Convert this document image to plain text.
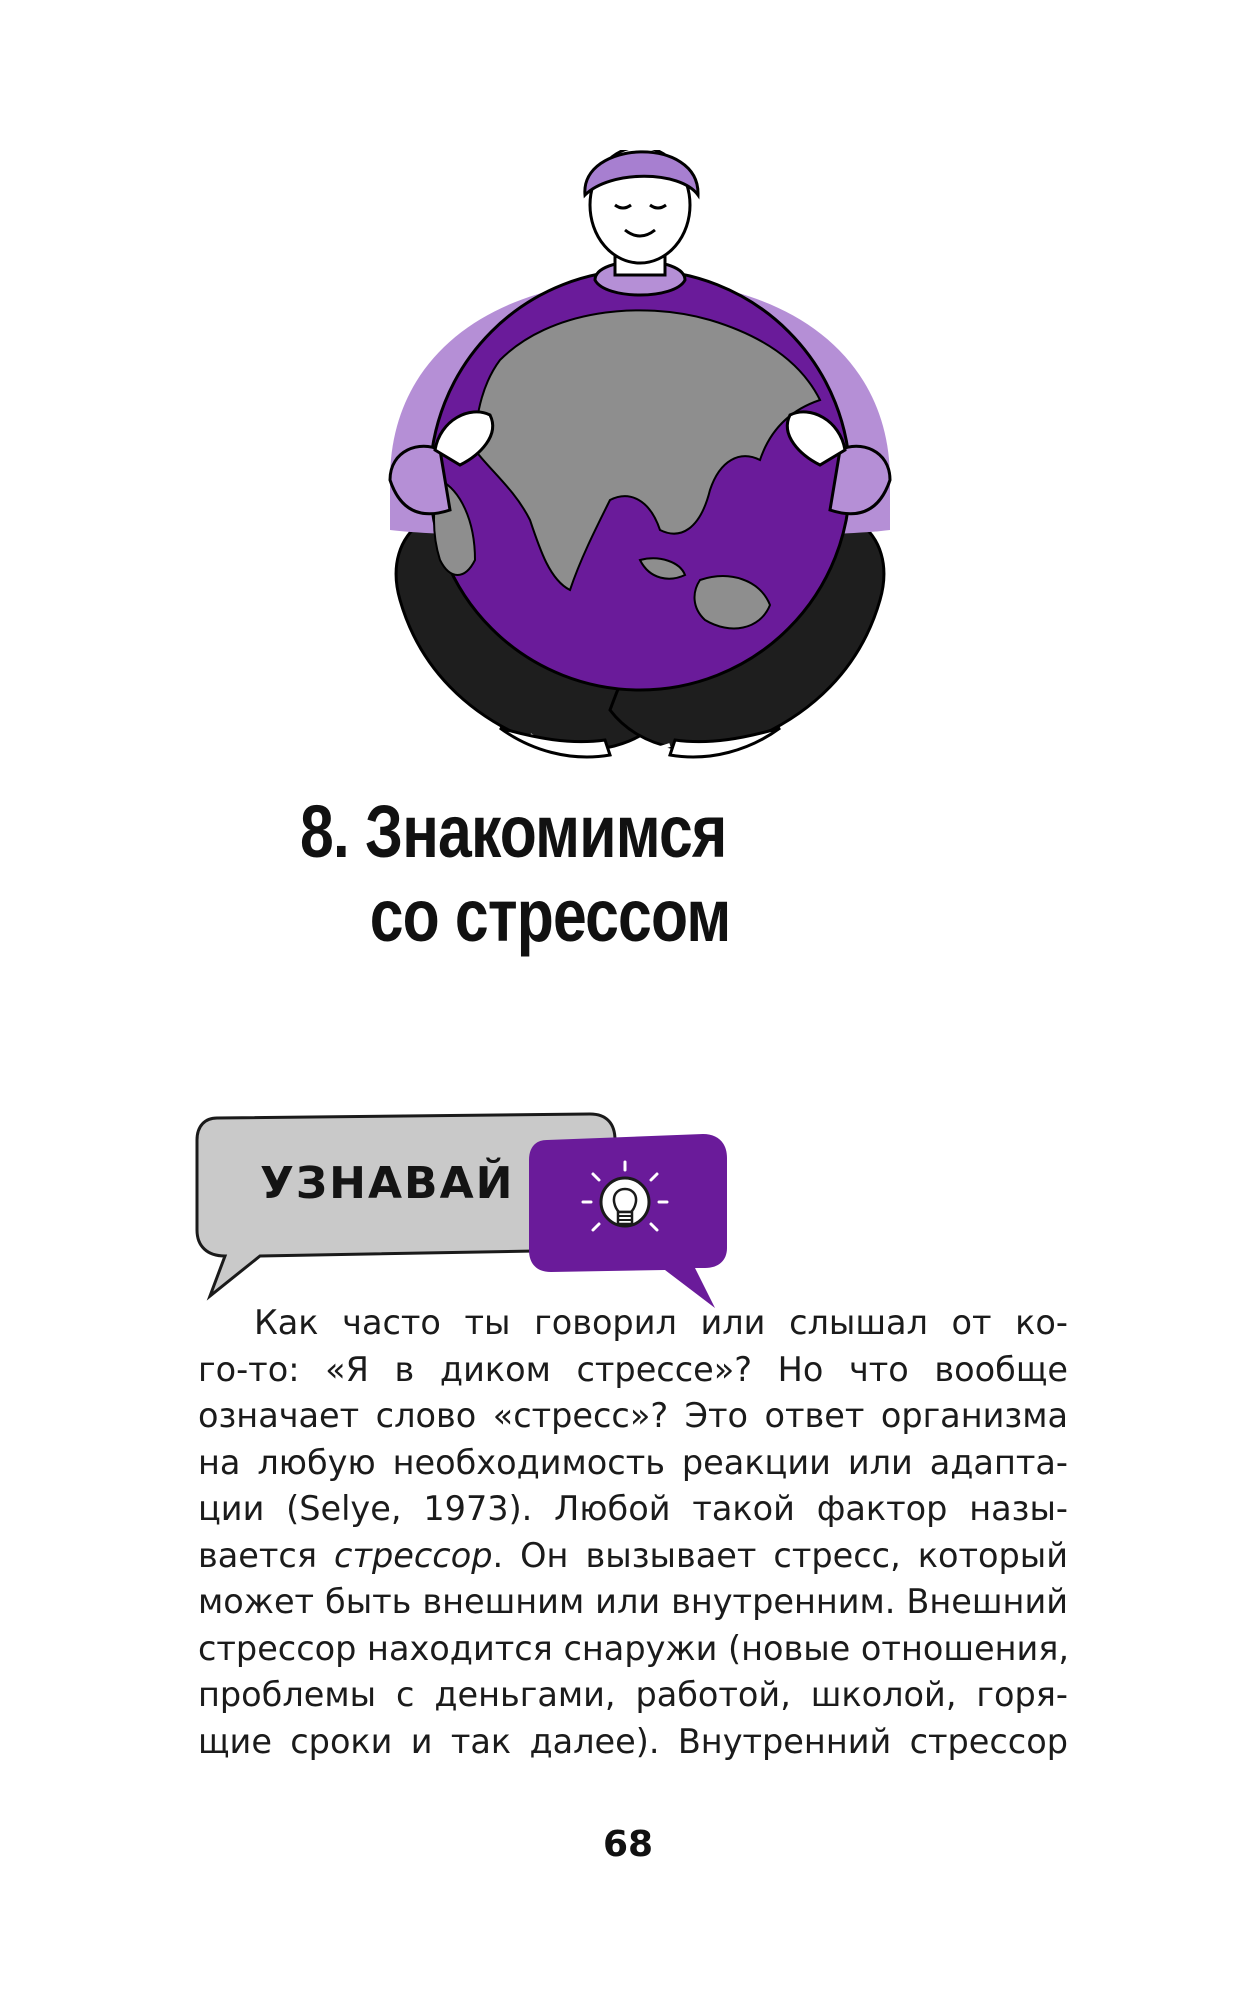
8. Знакомимся
со стрессом
УЗНАВАЙ
Как часто ты говорил или слышал от ко-
го-то: «Я в диком стрессе»? Но что вообще
означает слово «стресс»? Это ответ организма
на любую необходимость реакции или адапта-
ции (Selye, 1973). Любой такой фактор назы-
вается стрессор. Он вызывает стресс, который
может быть внешним или внутренним. Внешний
стрессор находится снаружи (новые отношения,
проблемы с деньгами, работой, школой, горя-
щие сроки и так далее). Внутренний стрессор
68
